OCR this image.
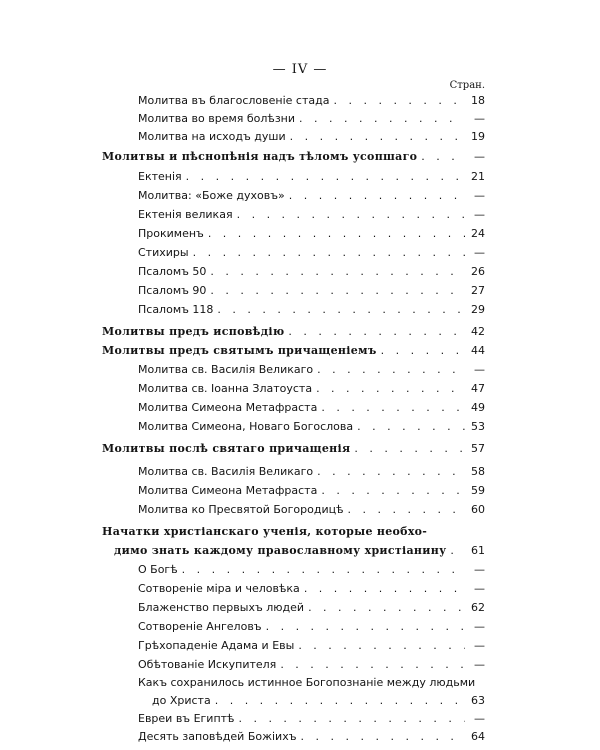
— IV —
Стран.
Молитва въ благословеніе стада . . .	18
Молитва во время болѣзни . . .	—
Молитва на исходъ души . . .	19
Молитвы и пѣснопѣнія надъ тѣломъ усопшаго . . .	—
Ектенія . . .	21
Молитва: «Боже духовъ» . . .	—
Ектенія великая . . .	—
Прокименъ . . .	24
Стихиры . . .	—
Псаломъ 50 . . .	26
Псаломъ 90 . . .	27
Псаломъ 118 . . .	29
Молитвы предъ исповѣдію . . .	42
Молитвы предъ святымъ причащеніемъ . . .	44
Молитва св. Василія Великаго . . .	—
Молитва св. Іоанна Златоуста . . .	47
Молитва Симеона Метафраста . . .	49
Молитва Симеона, Новаго Богослова . . .	53
Молитвы послѣ святаго причащенія . . .	57
Молитва св. Василія Великаго . . .	58
Молитва Симеона Метафраста . . .	59
Молитва ко Пресвятой Богородицѣ . . .	60
Начатки христіанскаго ученія, которые необхо-
димо знать каждому православному христіанину . . .	61
О Богѣ . . .	—
Сотвореніе міра и человѣка . . .	—
Блаженство первыхъ людей . . .	62
Сотвореніе Ангеловъ . . .	—
Грѣхопаденіе Адама и Евы . . .	—
Обѣтованіе Искупителя . . .	—
Какъ сохранилось истинное Богопознаніе между людьми
до Христа . . .	63
Евреи въ Египтѣ . . .	—
Десять заповѣдей Божіихъ . . .	64
